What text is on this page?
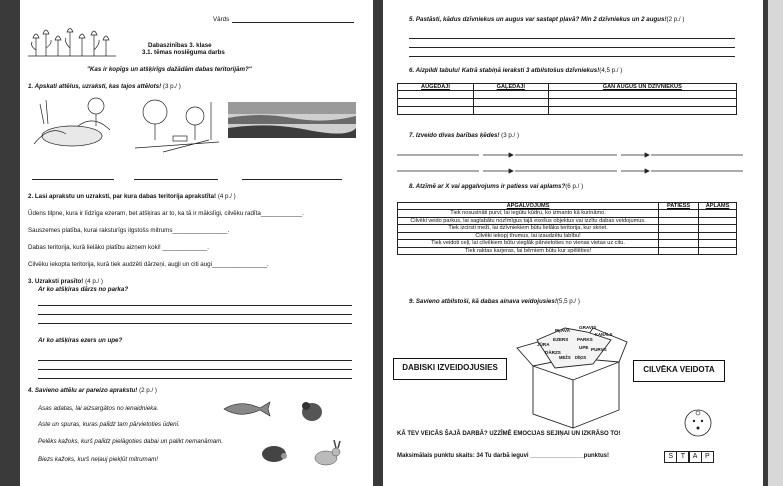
Vārds
Dabaszinības 3. klase
3.1. tēmas noslēguma darbs
"Kas ir kopīgs un atšķirīgs dažādām dabas teritorijām?"
1. Apskati attēlus, uzraksti, kas tajos attēlots! (3 p./ )
2. Lasi aprakstu un uzraksti, par kura dabas teritorija aprakstīta! (4 p./ )
Ūdens tilpne, kura ir līdzīga ezeram, bet atšķiras ar to, ka tā ir mākslīgi, cilvēku radīta____________.
Sauszemes platība, kurai raksturīgs ilgstošs mitrums________________.
Dabas teritorija, kurā lielāko platību aizņem koki! _____________.
Cilvēku iekopta teritorija, kurā tiek audzēti dārzeņi, augļi un citi augi________________.
3. Uzraksti prasīto! (4 p./ )
Ar ko atšķiras dārzs no parka?
Ar ko atšķiras ezers un upe?
4. Savieno attēlu ar pareizo aprakstu! (2 p./ )
Asas adatas, lai aizsargātos no ienaidnieka.
Aste un spuras, kuras palīdz tam pārvietoties ūdenī.
Pelēks kažoks, kurš palīdz pielāgoties dabai un palikt nemanāmam.
Biezs kažoks, kurš neļauj piekļūt mitrumam!
5. Pastāsti, kādus dzīvniekus un augus var sastapt pļavā? Min 2 dzīvniekus un 2 augus!(2 p./ )
6. Aizpildi tabulu! Katrā stabiņā ieraksti 3 atbilstošus dzīvniekus!(4,5 p./ )
AUGĒDĀJI	GAĻĒDĀJI	GAN AUGUS UN DZĪVNIEKUS

7. Izveido divas barības ķēdes! (3 p./ )
8. Atzīmē ar X vai apgalvojums ir patiess vai aplams?(6 p./ )
APGALVOJUMS	PATIESS	APLAMS
Tiek nosusināti purvi, lai iegūtu kūdru, ko izmanto kā kurināmo.		
Cilvēki veido parkus, lai saglabātu nozīmīgus tajā esošus objektus vai izzītu dabas veidojumus.		
Tiek izcirsti meži, lai dzīvniekiem būtu lielāka teritorija, kur skriet.		
Cilvēki iekopj tīrumus, lai izaudzētu labību!		
Tiek veidoti ceļi, lai cilvēkiem būtu vieglāk pārvietoties no vienas vietas uz citu.		
Tiek raktas karjeras, lai bērniem būtu kur spēlēties!		
9. Savieno atbilstoši, kā dabas ainava veidojusies!(5,5 p./ )
PĻAVA
GRAVIS
KANĀLS
EZERS PARKS
JŪRA
UPE
DĀRZS
PURVS
MEŽS DĪĶIS
DABISKI IZVEIDOJUSIES	CILVĒKA VEIDOTA
KĀ TEV VEICĀS ŠAJĀ DARBĀ? UZZĪMĒ EMOCIJAS SEJIŅAI UN IZKRĀSO TO!
Maksimālais punktu skaits: 34 Tu darbā ieguvi ________________punktus!	S	T	A	P
